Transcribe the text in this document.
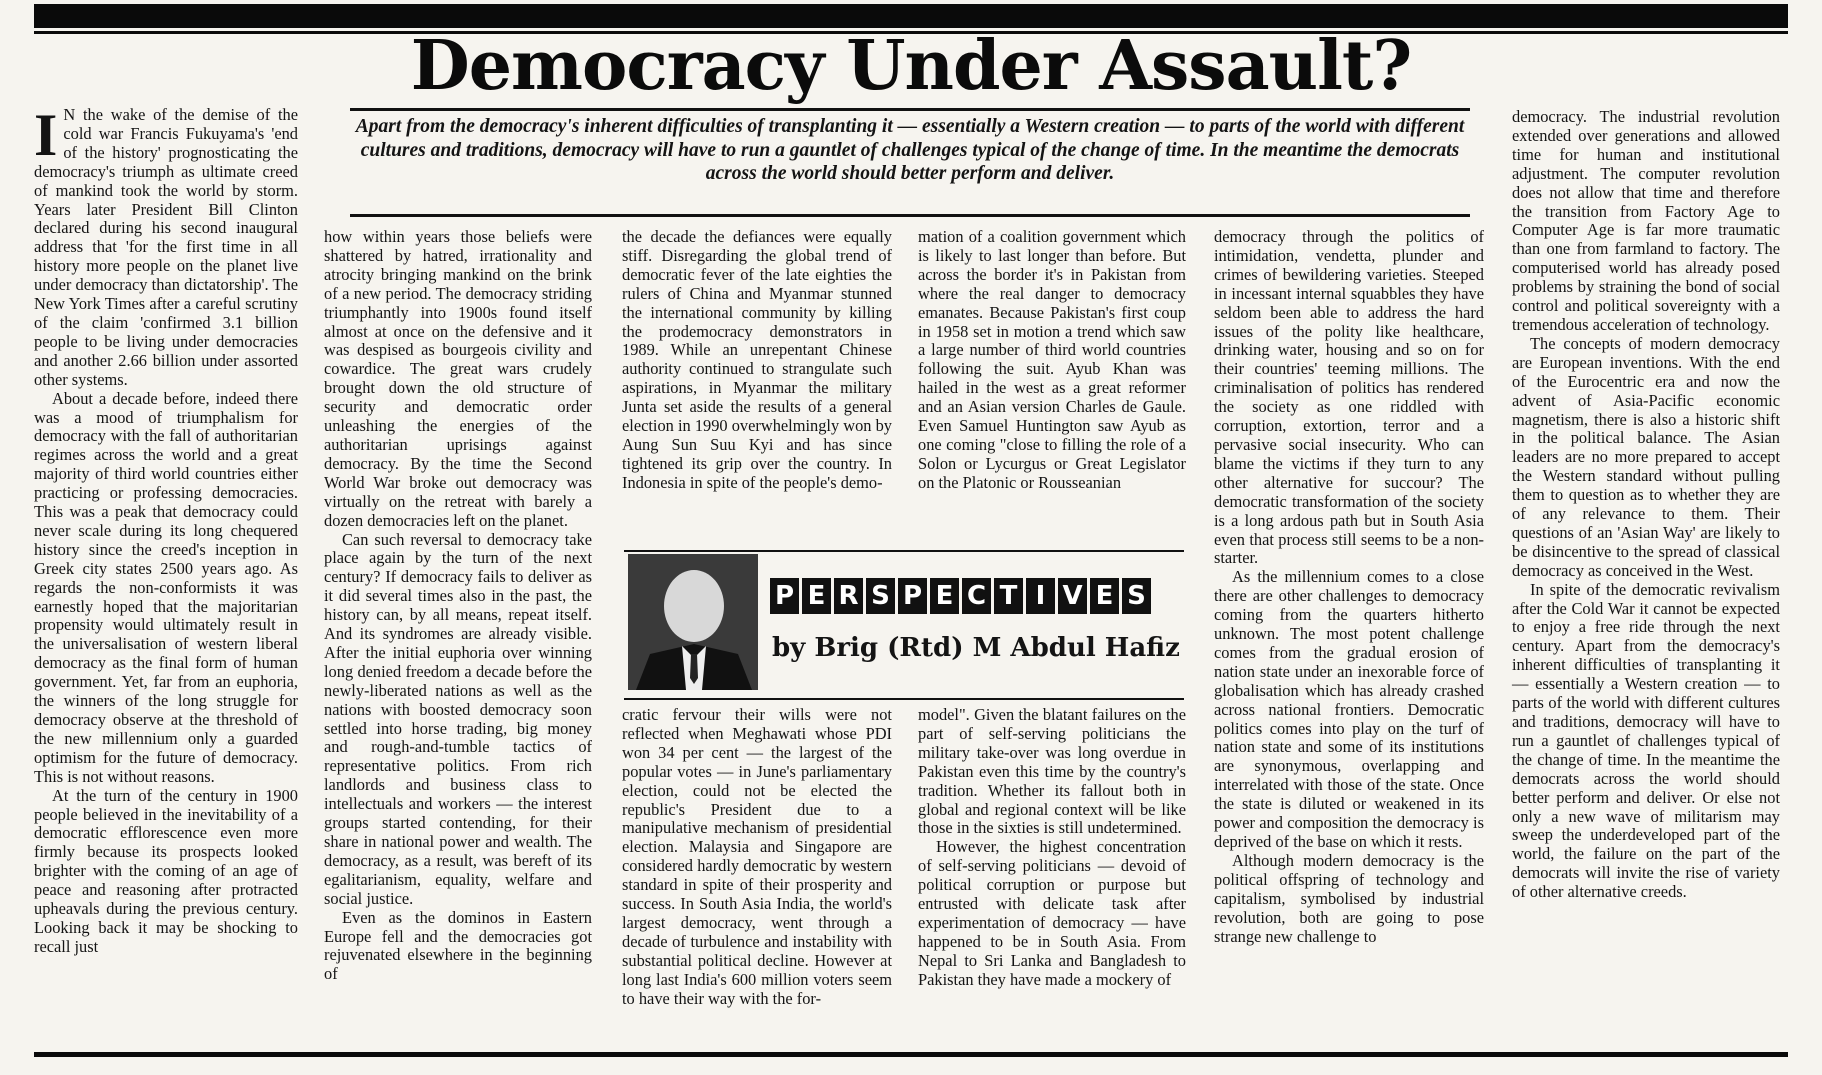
Democracy Under Assault?

Apart from the democracy's inherent difficulties of transplanting it — essentially a Western creation — to parts of the world with different cultures and traditions, democracy will have to run a gauntlet of challenges typical of the change of time. In the meantime the democrats across the world should better perform and deliver.

I N the wake of the demise of the cold war Francis Fukuyama's 'end of the history' prognosticating the democracy's triumph as ultimate creed of mankind took the world by storm. Years later President Bill Clinton declared during his second inaugural address that 'for the first time in all history more people on the planet live under democracy than dictatorship'. The New York Times after a careful scrutiny of the claim 'confirmed 3.1 billion people to be living under democracies and another 2.66 billion under assorted other systems.

About a decade before, indeed there was a mood of triumphalism for democracy with the fall of authoritarian regimes across the world and a great majority of third world countries either practicing or professing democracies. This was a peak that democracy could never scale during its long chequered history since the creed's inception in Greek city states 2500 years ago. As regards the non-conformists it was earnestly hoped that the majoritarian propensity would ultimately result in the universalisation of western liberal democracy as the final form of human government. Yet, far from an euphoria, the winners of the long struggle for democracy observe at the threshold of the new millennium only a guarded optimism for the future of democracy. This is not without reasons.

At the turn of the century in 1900 people believed in the inevitability of a democratic efflorescence even more firmly because its prospects looked brighter with the coming of an age of peace and reasoning after protracted upheavals during the previous century. Looking back it may be shocking to recall just

how within years those beliefs were shattered by hatred, irrationality and atrocity bringing mankind on the brink of a new period. The democracy striding triumphantly into 1900s found itself almost at once on the defensive and it was despised as bourgeois civility and cowardice. The great wars crudely brought down the old structure of security and democratic order unleashing the energies of the authoritarian uprisings against democracy. By the time the Second World War broke out democracy was virtually on the retreat with barely a dozen democracies left on the planet.

Can such reversal to democracy take place again by the turn of the next century? If democracy fails to deliver as it did several times also in the past, the history can, by all means, repeat itself. And its syndromes are already visible. After the initial euphoria over winning long denied freedom a decade before the newly-liberated nations as well as the nations with boosted democracy soon settled into horse trading, big money and rough-and-tumble tactics of representative politics. From rich landlords and business class to intellectuals and workers — the interest groups started contending, for their share in national power and wealth. The democracy, as a result, was bereft of its egalitarianism, equality, welfare and social justice.

Even as the dominos in Eastern Europe fell and the democracies got rejuvenated elsewhere in the beginning of

the decade the defiances were equally stiff. Disregarding the global trend of democratic fever of the late eighties the rulers of China and Myanmar stunned the international community by killing the prodemocracy demonstrators in 1989. While an unrepentant Chinese authority continued to strangulate such aspirations, in Myanmar the military Junta set aside the results of a general election in 1990 overwhelmingly won by Aung Sun Suu Kyi and has since tightened its grip over the country. In Indonesia in spite of the people's demo-

mation of a coalition government which is likely to last longer than before. But across the border it's in Pakistan from where the real danger to democracy emanates. Because Pakistan's first coup in 1958 set in motion a trend which saw a large number of third world countries following the suit. Ayub Khan was hailed in the west as a great reformer and an Asian version Charles de Gaule. Even Samuel Huntington saw Ayub as one coming "close to filling the role of a Solon or Lycurgus or Great Legislator on the Platonic or Rousseanian

P E R S P E C T I V E S
by Brig (Rtd) M Abdul Hafiz

cratic fervour their wills were not reflected when Meghawati whose PDI won 34 per cent — the largest of the popular votes — in June's parliamentary election, could not be elected the republic's President due to a manipulative mechanism of presidential election. Malaysia and Singapore are considered hardly democratic by western standard in spite of their prosperity and success. In South Asia India, the world's largest democracy, went through a decade of turbulence and instability with substantial political decline. However at long last India's 600 million voters seem to have their way with the for-

model". Given the blatant failures on the part of self-serving politicians the military take-over was long overdue in Pakistan even this time by the country's tradition. Whether its fallout both in global and regional context will be like those in the sixties is still undetermined.

However, the highest concentration of self-serving politicians — devoid of political corruption or purpose but entrusted with delicate task after experimentation of democracy — have happened to be in South Asia. From Nepal to Sri Lanka and Bangladesh to Pakistan they have made a mockery of

democracy through the politics of intimidation, vendetta, plunder and crimes of bewildering varieties. Steeped in incessant internal squabbles they have seldom been able to address the hard issues of the polity like healthcare, drinking water, housing and so on for their countries' teeming millions. The criminalisation of politics has rendered the society as one riddled with corruption, extortion, terror and a pervasive social insecurity. Who can blame the victims if they turn to any other alternative for succour? The democratic transformation of the society is a long ardous path but in South Asia even that process still seems to be a non-starter.

As the millennium comes to a close there are other challenges to democracy coming from the quarters hitherto unknown. The most potent challenge comes from the gradual erosion of nation state under an inexorable force of globalisation which has already crashed across national frontiers. Democratic politics comes into play on the turf of nation state and some of its institutions are synonymous, overlapping and interrelated with those of the state. Once the state is diluted or weakened in its power and composition the democracy is deprived of the base on which it rests.

Although modern democracy is the political offspring of technology and capitalism, symbolised by industrial revolution, both are going to pose strange new challenge to

democracy. The industrial revolution extended over generations and allowed time for human and institutional adjustment. The computer revolution does not allow that time and therefore the transition from Factory Age to Computer Age is far more traumatic than one from farmland to factory. The computerised world has already posed problems by straining the bond of social control and political sovereignty with a tremendous acceleration of technology.

The concepts of modern democracy are European inventions. With the end of the Eurocentric era and now the advent of Asia-Pacific economic magnetism, there is also a historic shift in the political balance. The Asian leaders are no more prepared to accept the Western standard without pulling them to question as to whether they are of any relevance to them. Their questions of an 'Asian Way' are likely to be disincentive to the spread of classical democracy as conceived in the West.

In spite of the democratic revivalism after the Cold War it cannot be expected to enjoy a free ride through the next century. Apart from the democracy's inherent difficulties of transplanting it — essentially a Western creation — to parts of the world with different cultures and traditions, democracy will have to run a gauntlet of challenges typical of the change of time. In the meantime the democrats across the world should better perform and deliver. Or else not only a new wave of militarism may sweep the underdeveloped part of the world, the failure on the part of the democrats will invite the rise of variety of other alternative creeds.
